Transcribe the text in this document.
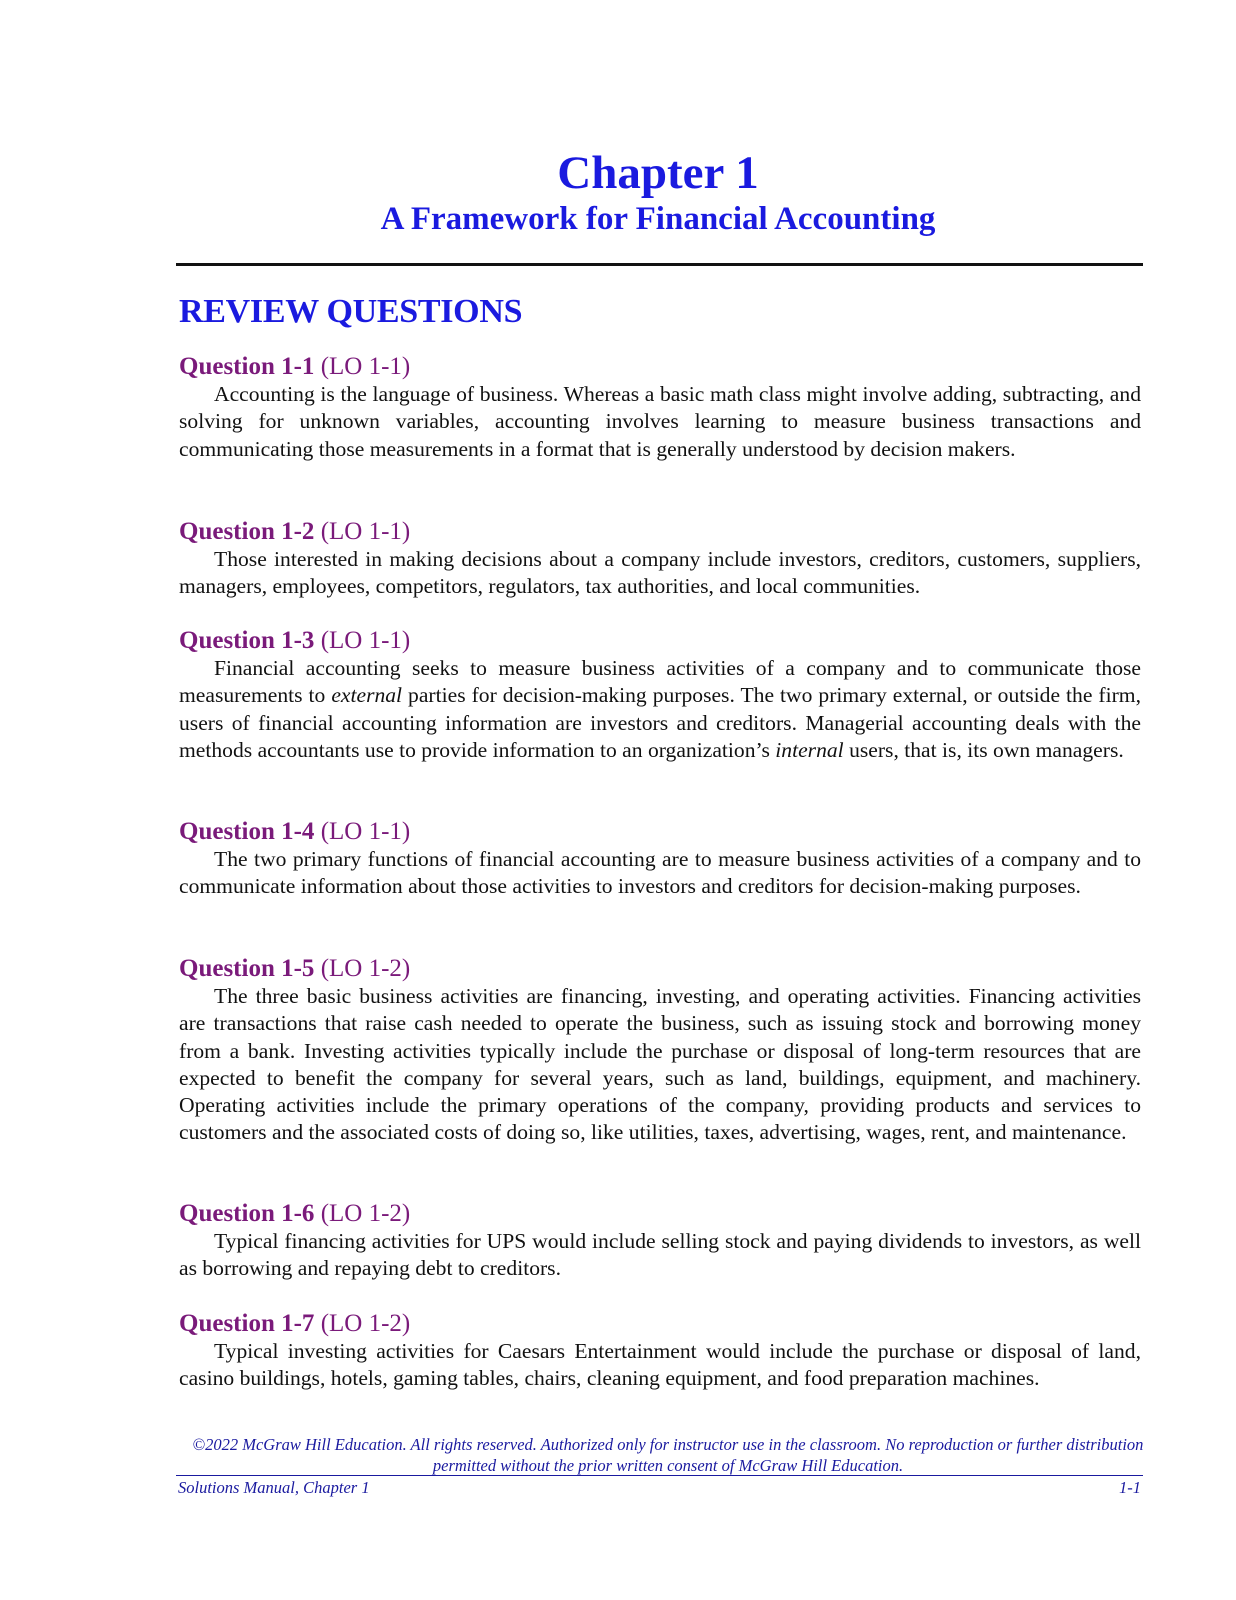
Chapter 1
A Framework for Financial Accounting
REVIEW QUESTIONS

Question 1-1 (LO 1-1)

Accounting is the language of business. Whereas a basic math class might involve adding, subtracting, and solving for unknown variables, accounting involves learning to measure business transactions and communicating those measurements in a format that is generally understood by decision makers.

Question 1-2 (LO 1-1)

Those interested in making decisions about a company include investors, creditors, customers, suppliers, managers, employees, competitors, regulators, tax authorities, and local communities.

Question 1-3 (LO 1-1)

Financial accounting seeks to measure business activities of a company and to communicate those measurements to external parties for decision-making purposes. The two primary external, or outside the firm, users of financial accounting information are investors and creditors. Managerial accounting deals with the methods accountants use to provide information to an organization’s internal users, that is, its own managers.

Question 1-4 (LO 1-1)

The two primary functions of financial accounting are to measure business activities of a company and to communicate information about those activities to investors and creditors for decision-making purposes.

Question 1-5 (LO 1-2)

The three basic business activities are financing, investing, and operating activities. Financing activities are transactions that raise cash needed to operate the business, such as issuing stock and borrowing money from a bank. Investing activities typically include the purchase or disposal of long-term resources that are expected to benefit the company for several years, such as land, buildings, equipment, and machinery. Operating activities include the primary operations of the company, providing products and services to customers and the associated costs of doing so, like utilities, taxes, advertising, wages, rent, and maintenance.

Question 1-6 (LO 1-2)

Typical financing activities for UPS would include selling stock and paying dividends to investors, as well as borrowing and repaying debt to creditors.

Question 1-7 (LO 1-2)

Typical investing activities for Caesars Entertainment would include the purchase or disposal of land, casino buildings, hotels, gaming tables, chairs, cleaning equipment, and food preparation machines.

©2022 McGraw Hill Education. All rights reserved. Authorized only for instructor use in the classroom. No reproduction or further distribution
permitted without the prior written consent of McGraw Hill Education.
Solutions Manual, Chapter 1	1-1
